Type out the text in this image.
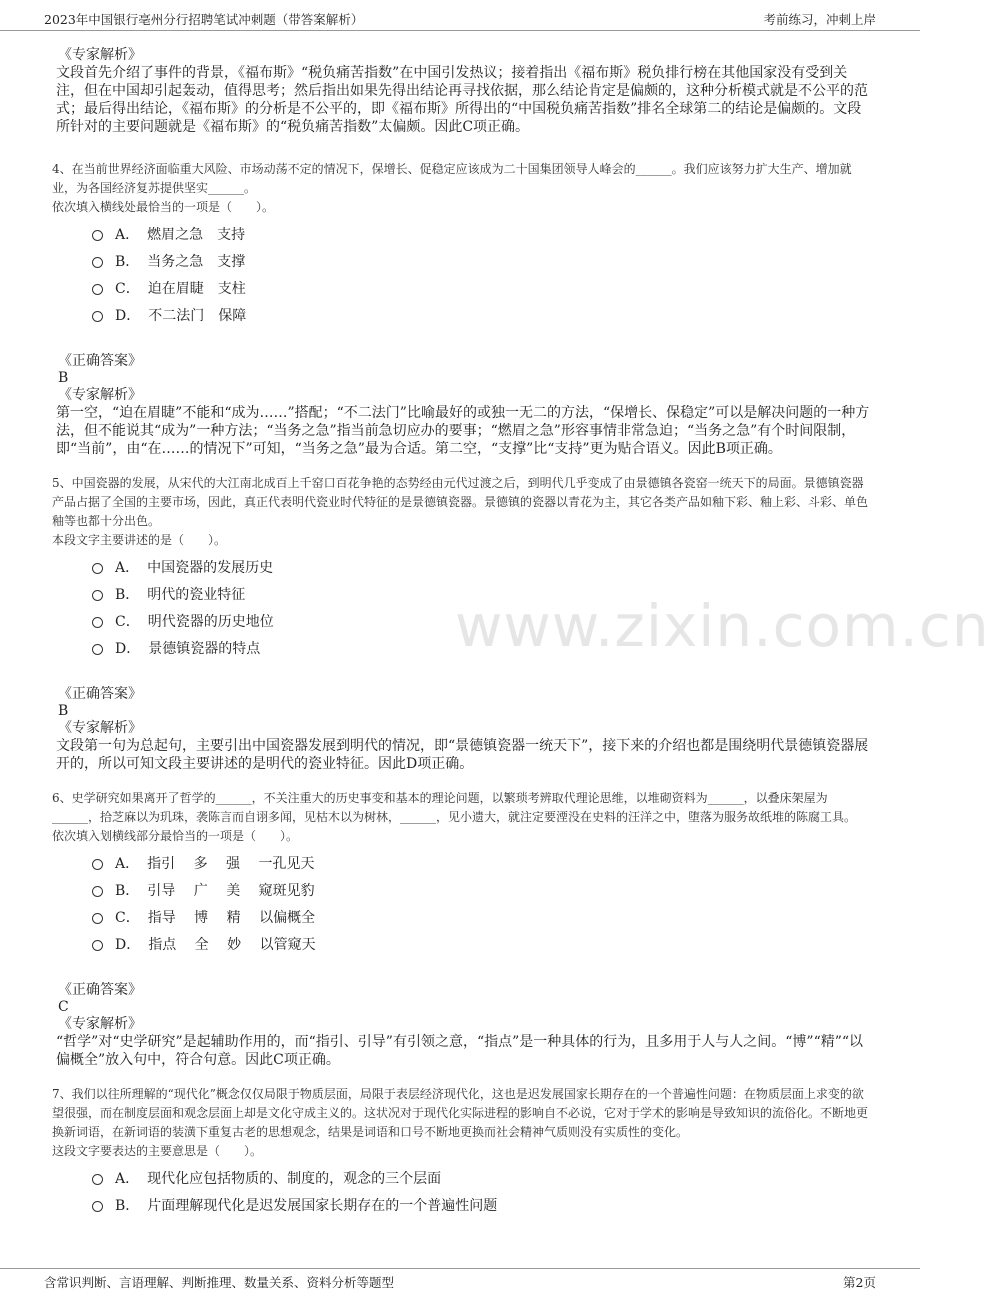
2023年中国银行亳州分行招聘笔试冲刺题（带答案解析）	考前练习，冲刺上岸
www.zixin.com.cn
《专家解析》
文段首先介绍了事件的背景，《福布斯》“税负痛苦指数”在中国引发热议；接着指出《福布斯》税负排行榜在其他国家没有受到关注，但在中国却引起轰动，值得思考；然后指出如果先得出结论再寻找依据，那么结论肯定是偏颇的，这种分析模式就是不公平的范式；最后得出结论，《福布斯》的分析是不公平的，即《福布斯》所得出的“中国税负痛苦指数”排名全球第二的结论是偏颇的。文段所针对的主要问题就是《福布斯》的“税负痛苦指数”太偏颇。因此C项正确。
4、在当前世界经济面临重大风险、市场动荡不定的情况下，保增长、促稳定应该成为二十国集团领导人峰会的______。我们应该努力扩大生产、增加就业，为各国经济复苏提供坚实______。
依次填入横线处最恰当的一项是（　　）。
A． 燃眉之急　支持
B． 当务之急　支撑
C． 迫在眉睫　支柱
D． 不二法门　保障
《正确答案》
B
《专家解析》
第一空，“迫在眉睫”不能和“成为……”搭配；“不二法门”比喻最好的或独一无二的方法，“保增长、保稳定”可以是解决问题的一种方法，但不能说其“成为”一种方法；“当务之急”指当前急切应办的要事；“燃眉之急”形容事情非常急迫；“当务之急”有个时间限制，即“当前”，由“在……的情况下”可知，“当务之急”最为合适。第二空，“支撑”比“支持”更为贴合语义。因此B项正确。
5、中国瓷器的发展，从宋代的大江南北成百上千窑口百花争艳的态势经由元代过渡之后，到明代几乎变成了由景德镇各瓷窑一统天下的局面。景德镇瓷器产品占据了全国的主要市场，因此，真正代表明代瓷业时代特征的是景德镇瓷器。景德镇的瓷器以青花为主，其它各类产品如釉下彩、釉上彩、斗彩、单色釉等也都十分出色。
本段文字主要讲述的是（　　）。
A． 中国瓷器的发展历史
B． 明代的瓷业特征
C． 明代瓷器的历史地位
D． 景德镇瓷器的特点
《正确答案》
B
《专家解析》
文段第一句为总起句，主要引出中国瓷器发展到明代的情况，即“景德镇瓷器一统天下”，接下来的介绍也都是围绕明代景德镇瓷器展开的，所以可知文段主要讲述的是明代的瓷业特征。因此D项正确。
6、史学研究如果离开了哲学的______，不关注重大的历史事变和基本的理论问题，以繁琐考辨取代理论思维，以堆砌资料为______，以叠床架屋为______，拾芝麻以为玑珠，袭陈言而自诩多闻，见枯木以为树林，______，见小遗大，就注定要湮没在史料的汪洋之中，堕落为服务故纸堆的陈腐工具。
依次填入划横线部分最恰当的一项是（　　）。
A． 指引　 多　 强　 一孔见天
B． 引导　 广　 美　 窥斑见豹
C． 指导　 博　 精　 以偏概全
D． 指点　 全　 妙　 以管窥天
《正确答案》
C
《专家解析》
“哲学”对“史学研究”是起辅助作用的，而“指引、引导”有引领之意，“指点”是一种具体的行为，且多用于人与人之间。“博”“精”“以偏概全”放入句中，符合句意。因此C项正确。
7、我们以往所理解的“现代化”概念仅仅局限于物质层面，局限于表层经济现代化，这也是迟发展国家长期存在的一个普遍性问题：在物质层面上求变的欲望很强，而在制度层面和观念层面上却是文化守成主义的。这状况对于现代化实际进程的影响自不必说，它对于学术的影响是导致知识的流俗化。不断地更换新词语，在新词语的装潢下重复古老的思想观念，结果是词语和口号不断地更换而社会精神气质则没有实质性的变化。
这段文字要表达的主要意思是（　　）。
A． 现代化应包括物质的、制度的，观念的三个层面
B． 片面理解现代化是迟发展国家长期存在的一个普遍性问题
含常识判断、言语理解、判断推理、数量关系、资料分析等题型	第2页
